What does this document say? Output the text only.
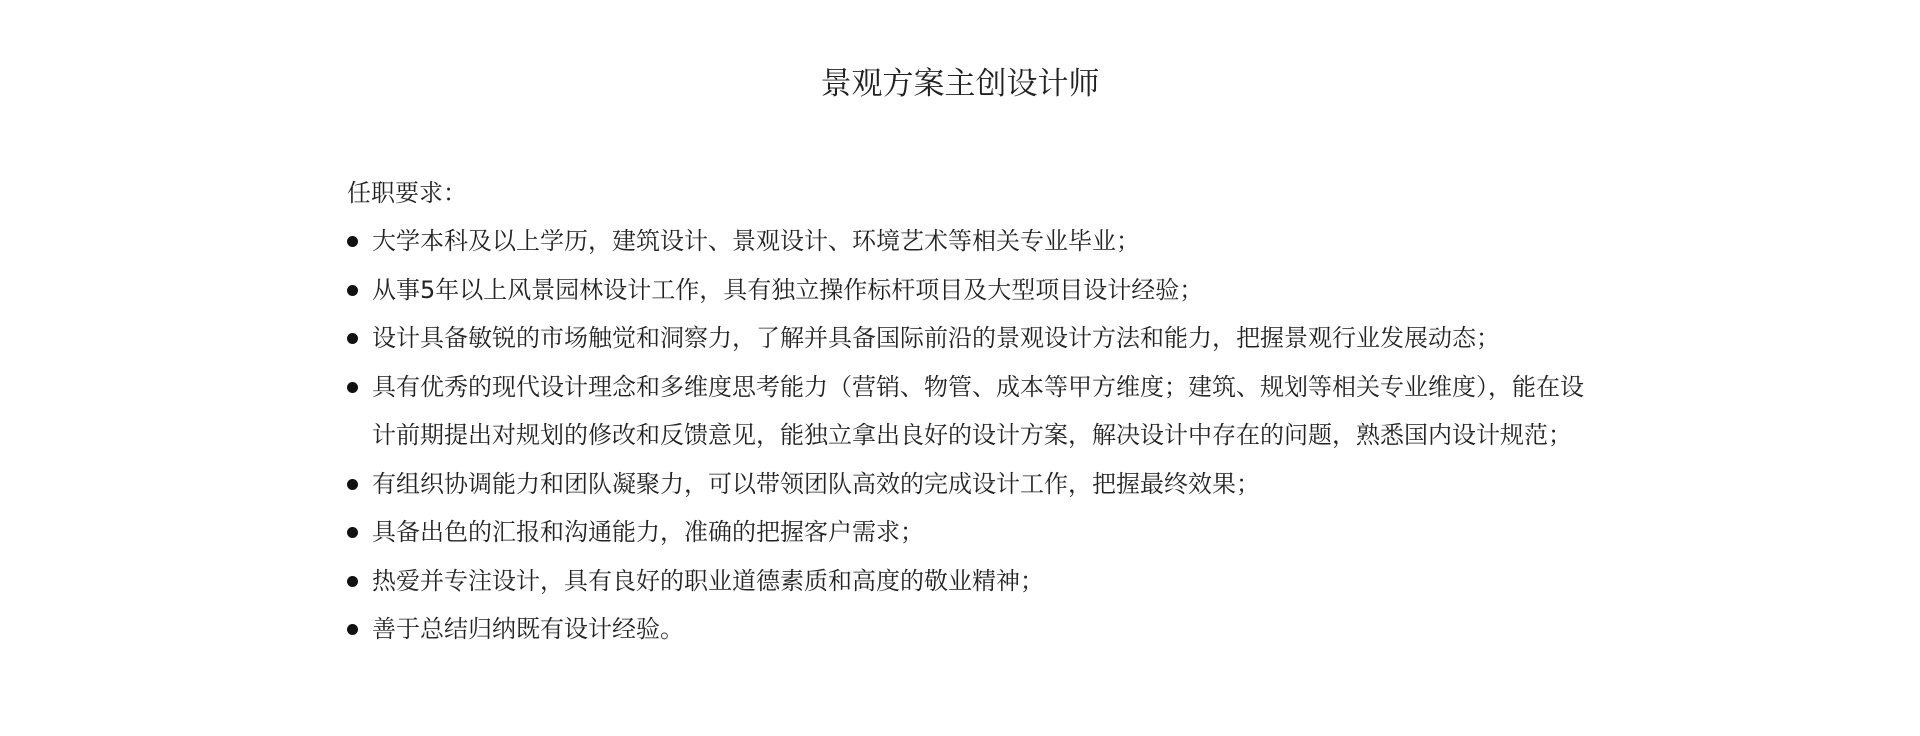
景观方案主创设计师

任职要求：

大学本科及以上学历，建筑设计、景观设计、环境艺术等相关专业毕业；
从事5年以上风景园林设计工作，具有独立操作标杆项目及大型项目设计经验；
设计具备敏锐的市场触觉和洞察力，了解并具备国际前沿的景观设计方法和能力，把握景观行业发展动态；
具有优秀的现代设计理念和多维度思考能力（营销、物管、成本等甲方维度；建筑、规划等相关专业维度），能在设计前期提出对规划的修改和反馈意见，能独立拿出良好的设计方案，解决设计中存在的问题，熟悉国内设计规范；
有组织协调能力和团队凝聚力，可以带领团队高效的完成设计工作，把握最终效果；
具备出色的汇报和沟通能力，准确的把握客户需求；
热爱并专注设计，具有良好的职业道德素质和高度的敬业精神；
善于总结归纳既有设计经验。
